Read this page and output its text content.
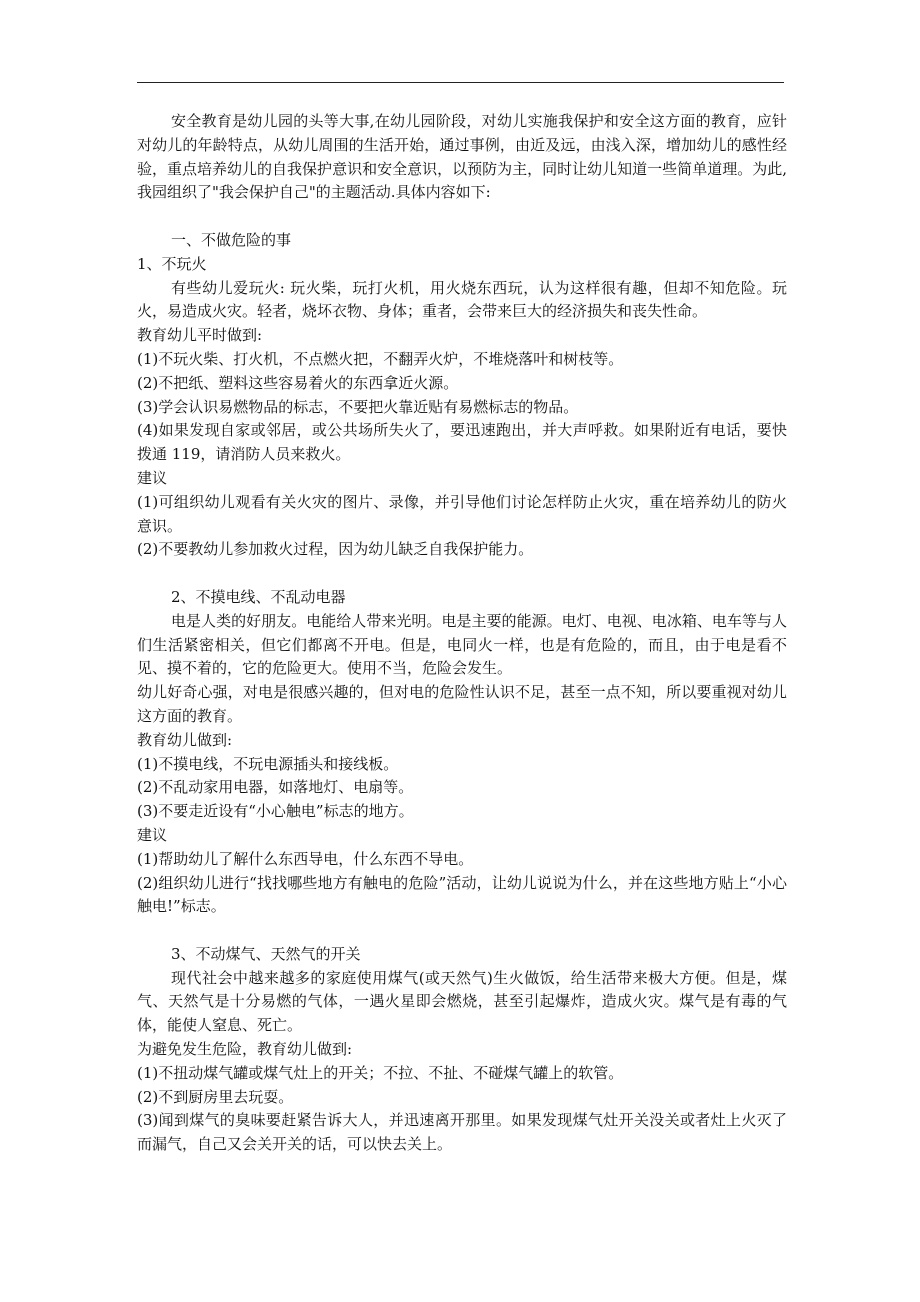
安全教育是幼儿园的头等大事,在幼儿园阶段，对幼儿实施我保护和安全这方面的教育，应针对幼儿的年龄特点，从幼儿周围的生活开始，通过事例，由近及远，由浅入深，增加幼儿的感性经验，重点培养幼儿的自我保护意识和安全意识，以预防为主，同时让幼儿知道一些简单道理。为此,我园组织了"我会保护自己"的主题活动.具体内容如下:

一、不做危险的事

1、不玩火

有些幼儿爱玩火: 玩火柴，玩打火机，用火烧东西玩，认为这样很有趣，但却不知危险。玩火，易造成火灾。轻者，烧坏衣物、身体；重者，会带来巨大的经济损失和丧失性命。

教育幼儿平时做到:

(1)不玩火柴、打火机，不点燃火把，不翻弄火炉，不堆烧落叶和树枝等。

(2)不把纸、塑料这些容易着火的东西拿近火源。

(3)学会认识易燃物品的标志，不要把火靠近贴有易燃标志的物品。

(4)如果发现自家或邻居，或公共场所失火了，要迅速跑出，并大声呼救。如果附近有电话，要快拨通 119，请消防人员来救火。

建议

(1)可组织幼儿观看有关火灾的图片、录像，并引导他们讨论怎样防止火灾，重在培养幼儿的防火意识。

(2)不要教幼儿参加救火过程，因为幼儿缺乏自我保护能力。

2、不摸电线、不乱动电器

电是人类的好朋友。电能给人带来光明。电是主要的能源。电灯、电视、电冰箱、电车等与人们生活紧密相关，但它们都离不开电。但是，电同火一样，也是有危险的，而且，由于电是看不见、摸不着的，它的危险更大。使用不当，危险会发生。

幼儿好奇心强，对电是很感兴趣的，但对电的危险性认识不足，甚至一点不知，所以要重视对幼儿这方面的教育。

教育幼儿做到:

(1)不摸电线，不玩电源插头和接线板。

(2)不乱动家用电器，如落地灯、电扇等。

(3)不要走近设有“小心触电”标志的地方。

建议

(1)帮助幼儿了解什么东西导电，什么东西不导电。

(2)组织幼儿进行“找找哪些地方有触电的危险”活动，让幼儿说说为什么，并在这些地方贴上“小心触电!”标志。

3、不动煤气、天然气的开关

现代社会中越来越多的家庭使用煤气(或天然气)生火做饭，给生活带来极大方便。但是，煤气、天然气是十分易燃的气体，一遇火星即会燃烧，甚至引起爆炸，造成火灾。煤气是有毒的气体，能使人窒息、死亡。

为避免发生危险，教育幼儿做到:

(1)不扭动煤气罐或煤气灶上的开关；不拉、不扯、不碰煤气罐上的软管。

(2)不到厨房里去玩耍。

(3)闻到煤气的臭味要赶紧告诉大人，并迅速离开那里。如果发现煤气灶开关没关或者灶上火灭了而漏气，自己又会关开关的话，可以快去关上。
